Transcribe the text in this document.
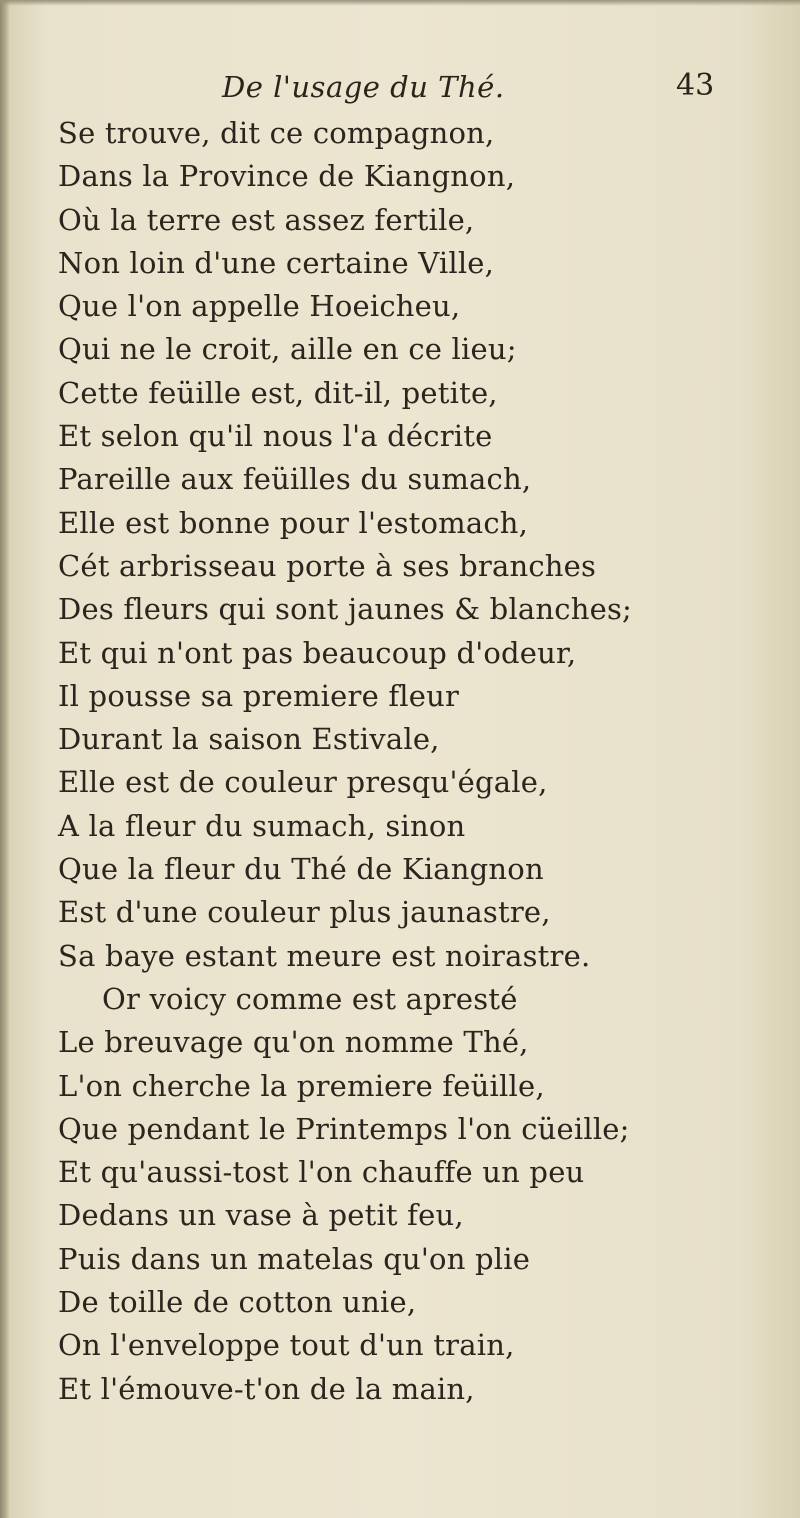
De l'usage du Thé.	43
Se trouve, dit ce compagnon,
Dans la Province de Kiangnon,
Où la terre est assez fertile,
Non loin d'une certaine Ville,
Que l'on appelle Hoeicheu,
Qui ne le croit, aille en ce lieu;
Cette feüille est, dit-il, petite,
Et selon qu'il nous l'a décrite
Pareille aux feüilles du sumach,
Elle est bonne pour l'estomach,
Cét arbrisseau porte à ses branches
Des fleurs qui sont jaunes & blanches;
Et qui n'ont pas beaucoup d'odeur,
Il pousse sa premiere fleur
Durant la saison Estivale,
Elle est de couleur presqu'égale,
A la fleur du sumach, sinon
Que la fleur du Thé de Kiangnon
Est d'une couleur plus jaunastre,
Sa baye estant meure est noirastre.
Or voicy comme est apresté
Le breuvage qu'on nomme Thé,
L'on cherche la premiere feüille,
Que pendant le Printemps l'on cüeille;
Et qu'aussi-tost l'on chauffe un peu
Dedans un vase à petit feu,
Puis dans un matelas qu'on plie
De toille de cotton unie,
On l'enveloppe tout d'un train,
Et l'émouve-t'on de la main,
